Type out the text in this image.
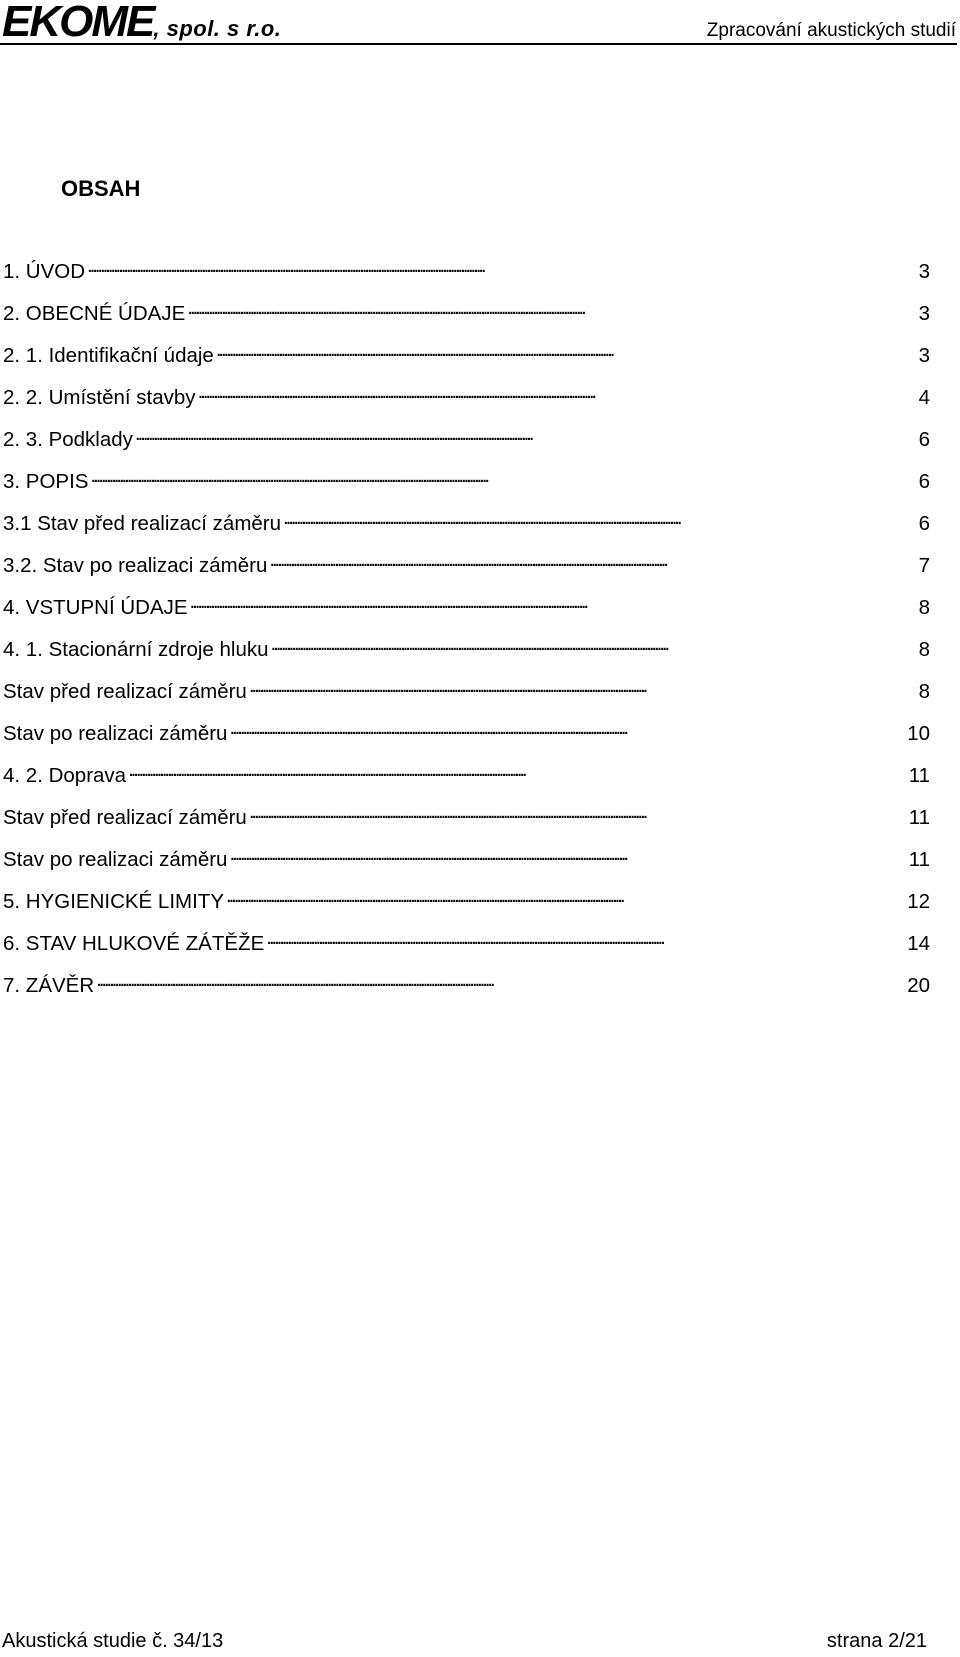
EKOME, spol. s r.o.	Zpracování akustických studií
OBSAH
1. ÚVOD . . .	3
2. OBECNÉ ÚDAJE . . .	3
2. 1. Identifikační údaje . . .	3
2. 2. Umístění stavby . . .	4
2. 3. Podklady . . .	6
3. POPIS . . .	6
3.1 Stav před realizací záměru . . .	6
3.2. Stav po realizaci záměru . . .	7
4. VSTUPNÍ ÚDAJE . . .	8
4. 1. Stacionární zdroje hluku . . .	8
Stav před realizací záměru . . .	8
Stav po realizaci záměru . . .	10
4. 2. Doprava . . .	11
Stav před realizací záměru . . .	11
Stav po realizaci záměru . . .	11
5. HYGIENICKÉ LIMITY . . .	12
6. STAV HLUKOVÉ ZÁTĚŽE . . .	14
7. ZÁVĚR . . .	20
Akustická studie č. 34/13	strana 2/21
